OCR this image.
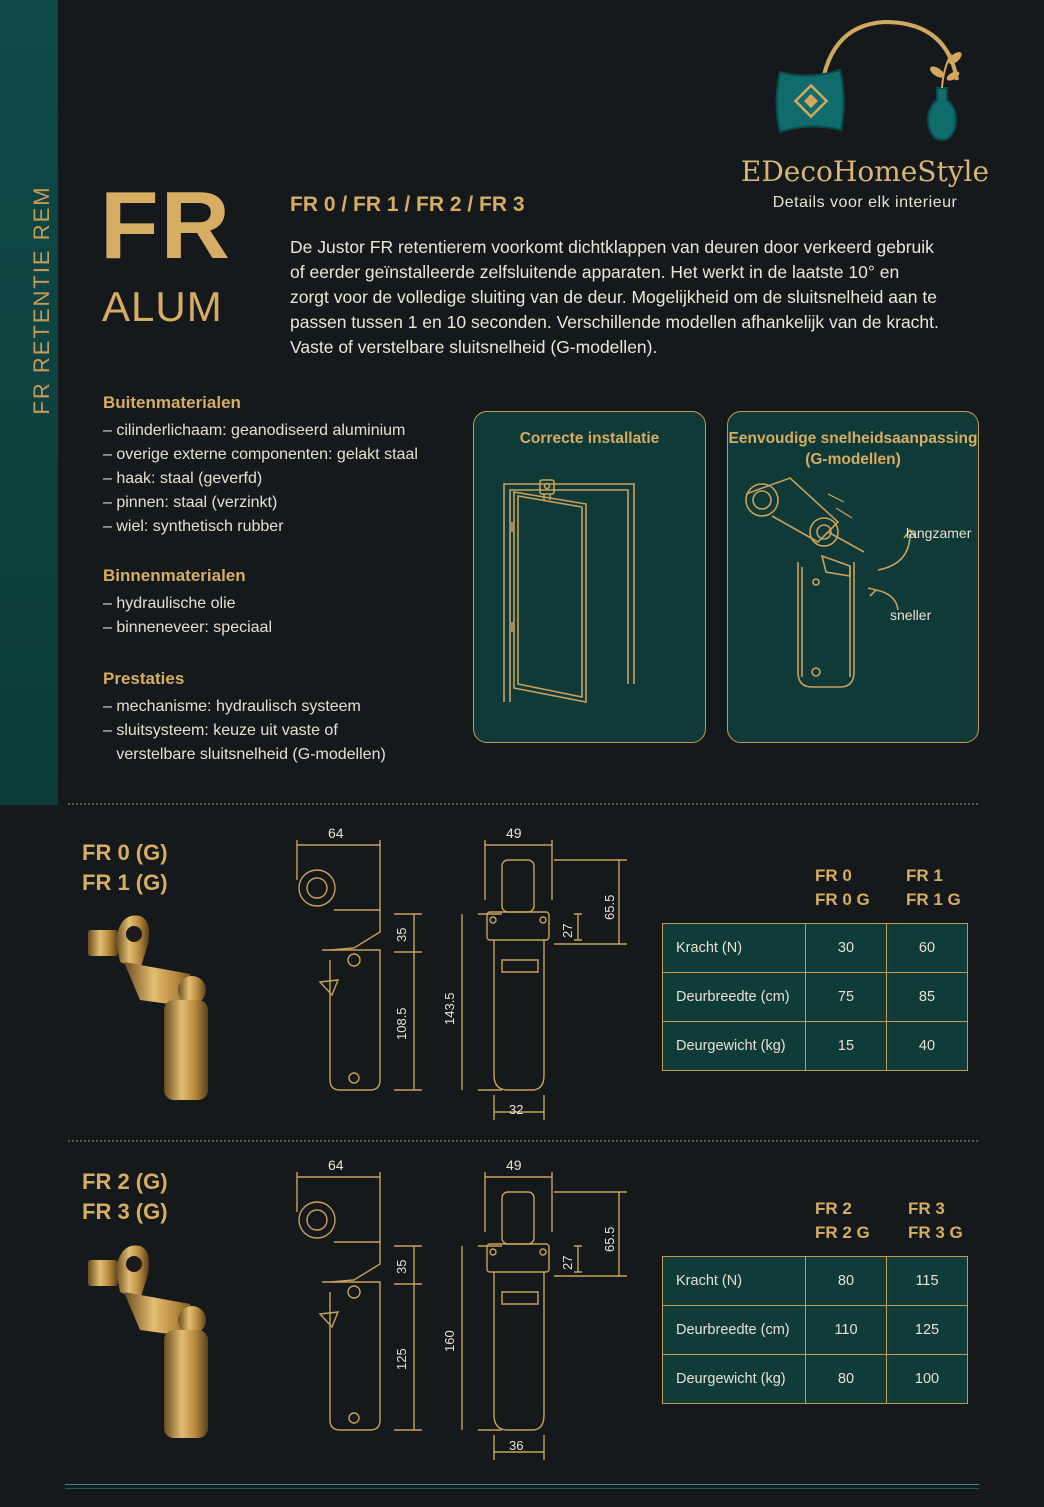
FR RETENTIE REM
EDecoHomeStyle
Details voor elk interieur
FR
ALUM
FR 0 / FR 1 / FR 2 / FR 3
De Justor FR retentierem voorkomt dichtklappen van deuren door verkeerd gebruik of eerder geïnstalleerde zelfsluitende apparaten. Het werkt in de laatste 10° en zorgt voor de volledige sluiting van de deur. Mogelijkheid om de sluitsnelheid aan te passen tussen 1 en 10 seconden. Verschillende modellen afhankelijk van de kracht. Vaste of verstelbare sluitsnelheid (G-modellen).
Buitenmaterialen
– cilinderlichaam: geanodiseerd aluminium
– overige externe componenten: gelakt staal
– haak: staal (geverfd)
– pinnen: staal (verzinkt)
– wiel: synthetisch rubber
Binnenmaterialen
– hydraulische olie
– binneneveer: speciaal
Prestaties
– mechanisme: hydraulisch systeem
– sluitsysteem: keuze uit vaste of
verstelbare sluitsnelheid (G-modellen)
Correcte installatie	Eenvoudige snelheidsaanpassing
(G-modellen)
langzamer
sneller
FR 0 (G)
FR 1 (G)
64	49
35
108.5	143.5
27
65.5
32
FR 0
FR 0 G
FR 1
FR 1 G
Kracht (N)	30	60
Deurbreedte (cm)	75	85
Deurgewicht (kg)	15	40
FR 2 (G)
FR 3 (G)
64	49
35
125
160
27
65.5
36
FR 2
FR 2 G
FR 3
FR 3 G
Kracht (N)	80	115
Deurbreedte (cm)	110	125
Deurgewicht (kg)	80	100
